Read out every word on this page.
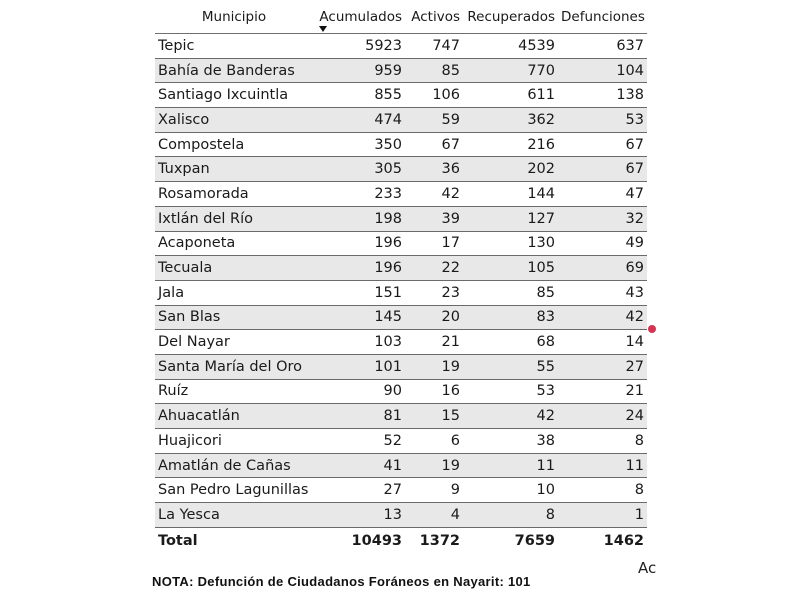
Municipio	Acumulados	Activos	Recuperados	Defunciones
Tepic	5923	747	4539	637
Bahía de Banderas	959	85	770	104
Santiago Ixcuintla	855	106	611	138
Xalisco	474	59	362	53
Compostela	350	67	216	67
Tuxpan	305	36	202	67
Rosamorada	233	42	144	47
Ixtlán del Río	198	39	127	32
Acaponeta	196	17	130	49
Tecuala	196	22	105	69
Jala	151	23	85	43
San Blas	145	20	83	42
Del Nayar	103	21	68	14
Santa María del Oro	101	19	55	27
Ruíz	90	16	53	21
Ahuacatlán	81	15	42	24
Huajicori	52	6	38	8
Amatlán de Cañas	41	19	11	11
San Pedro Lagunillas	27	9	10	8
La Yesca	13	4	8	1
Total	10493	1372	7659	1462
NOTA: Defunción de Ciudadanos Foráneos en Nayarit: 101
Ac
